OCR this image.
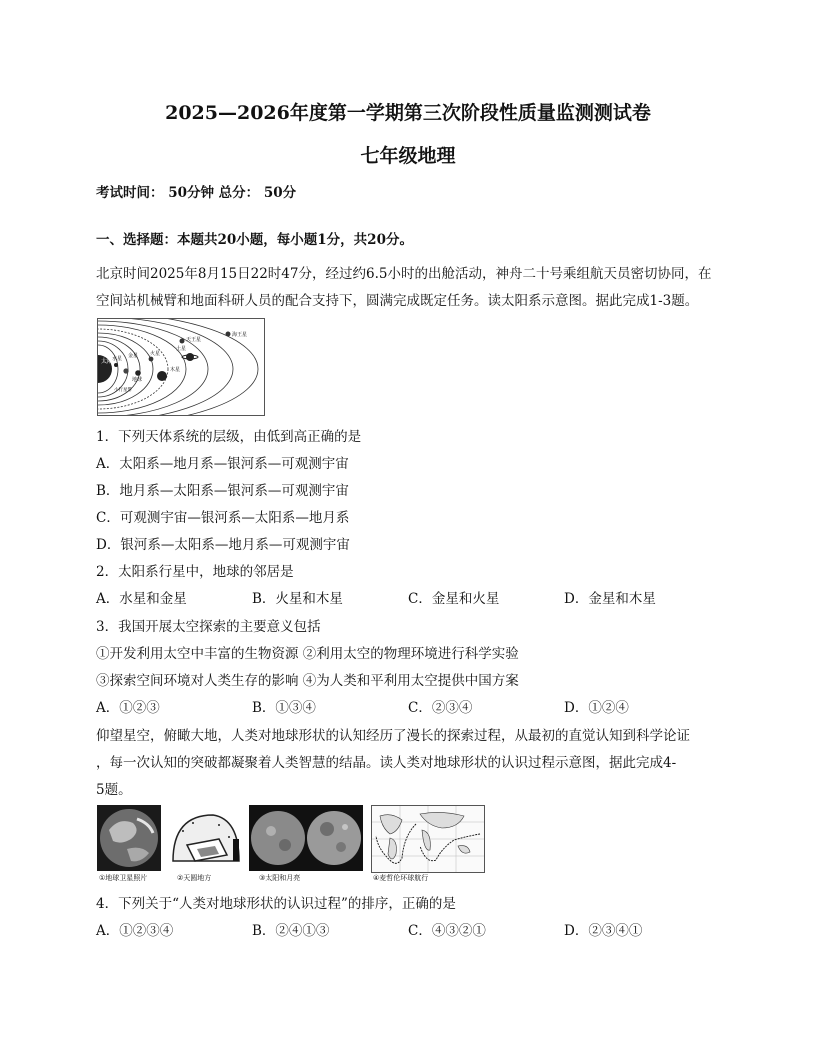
2025—2026年度第一学期第三次阶段性质量监测测试卷
七年级地理
考试时间： 50分钟 总分： 50分
一、选择题：本题共20小题，每小题1分，共20分。
北京时间2025年8月15日22时47分，经过约6.5小时的出舱活动，神舟二十号乘组航天员密切协同，在
空间站机械臂和地面科研人员的配合支持下，圆满完成既定任务。读太阳系示意图。据此完成1-3题。
太阳
水星 金星
地球
火星
小行星带
木星
土星
天王星
海王星
1．下列天体系统的层级，由低到高正确的是
A．太阳系—地月系—银河系—可观测宇宙
B．地月系—太阳系—银河系—可观测宇宙
C．可观测宇宙—银河系—太阳系—地月系
D．银河系—太阳系—地月系—可观测宇宙
2．太阳系行星中，地球的邻居是
A．水星和金星	B．火星和木星	C．金星和火星	D．金星和木星
3．我国开展太空探索的主要意义包括
①开发利用太空中丰富的生物资源 ②利用太空的物理环境进行科学实验
③探索空间环境对人类生存的影响 ④为人类和平利用太空提供中国方案
A．①②③	B．①③④	C．②③④	D．①②④
仰望星空，俯瞰大地，人类对地球形状的认知经历了漫长的探索过程，从最初的直觉认知到科学论证
，每一次认知的突破都凝聚着人类智慧的结晶。读人类对地球形状的认识过程示意图，据此完成4-
5题。
①地球卫星照片	②天圆地方	③太阳和月亮	④麦哲伦环球航行
4．下列关于“人类对地球形状的认识过程”的排序，正确的是
A．①②③④	B．②④①③	C．④③②①	D．②③④①
